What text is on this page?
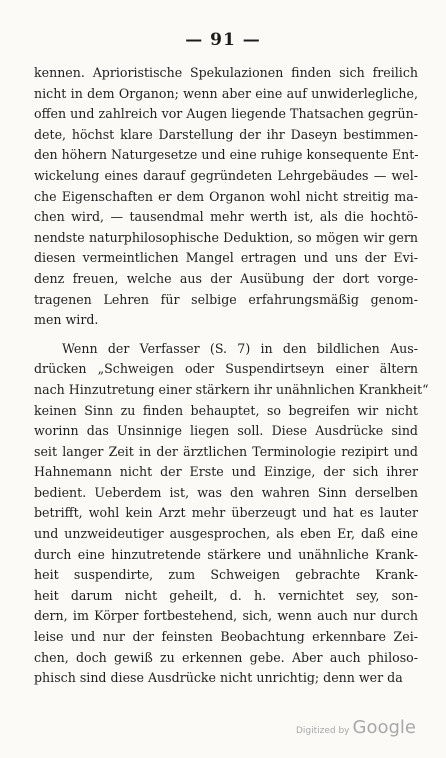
— 91 —
kennen. Aprioristische Spekulazionen finden sich freilich
nicht in dem Organon; wenn aber eine auf unwiderlegliche,
offen und zahlreich vor Augen liegende Thatsachen gegrün-
dete, höchst klare Darstellung der ihr Daseyn bestimmen-
den höhern Naturgesetze und eine ruhige konsequente Ent-
wickelung eines darauf gegründeten Lehrgebäudes — wel-
che Eigenschaften er dem Organon wohl nicht streitig ma-
chen wird, — tausendmal mehr werth ist, als die hochtö-
nendste naturphilosophische Deduktion, so mögen wir gern
diesen vermeintlichen Mangel ertragen und uns der Evi-
denz freuen, welche aus der Ausübung der dort vorge-
tragenen Lehren für selbige erfahrungsmäßig genom-
men wird.
Wenn der Verfasser (S. 7) in den bildlichen Aus-
drücken „Schweigen oder Suspendirtseyn einer ältern
nach Hinzutretung einer stärkern ihr unähnlichen Krankheit“
keinen Sinn zu finden behauptet, so begreifen wir nicht
worinn das Unsinnige liegen soll. Diese Ausdrücke sind
seit langer Zeit in der ärztlichen Terminologie rezipirt und
Hahnemann nicht der Erste und Einzige, der sich ihrer
bedient. Ueberdem ist, was den wahren Sinn derselben
betrifft, wohl kein Arzt mehr überzeugt und hat es lauter
und unzweideutiger ausgesprochen, als eben Er, daß eine
durch eine hinzutretende stärkere und unähnliche Krank-
heit suspendirte, zum Schweigen gebrachte Krank-
heit darum nicht geheilt, d. h. vernichtet sey, son-
dern, im Körper fortbestehend, sich, wenn auch nur durch
leise und nur der feinsten Beobachtung erkennbare Zei-
chen, doch gewiß zu erkennen gebe. Aber auch philoso-
phisch sind diese Ausdrücke nicht unrichtig; denn wer da
Digitized by Google
